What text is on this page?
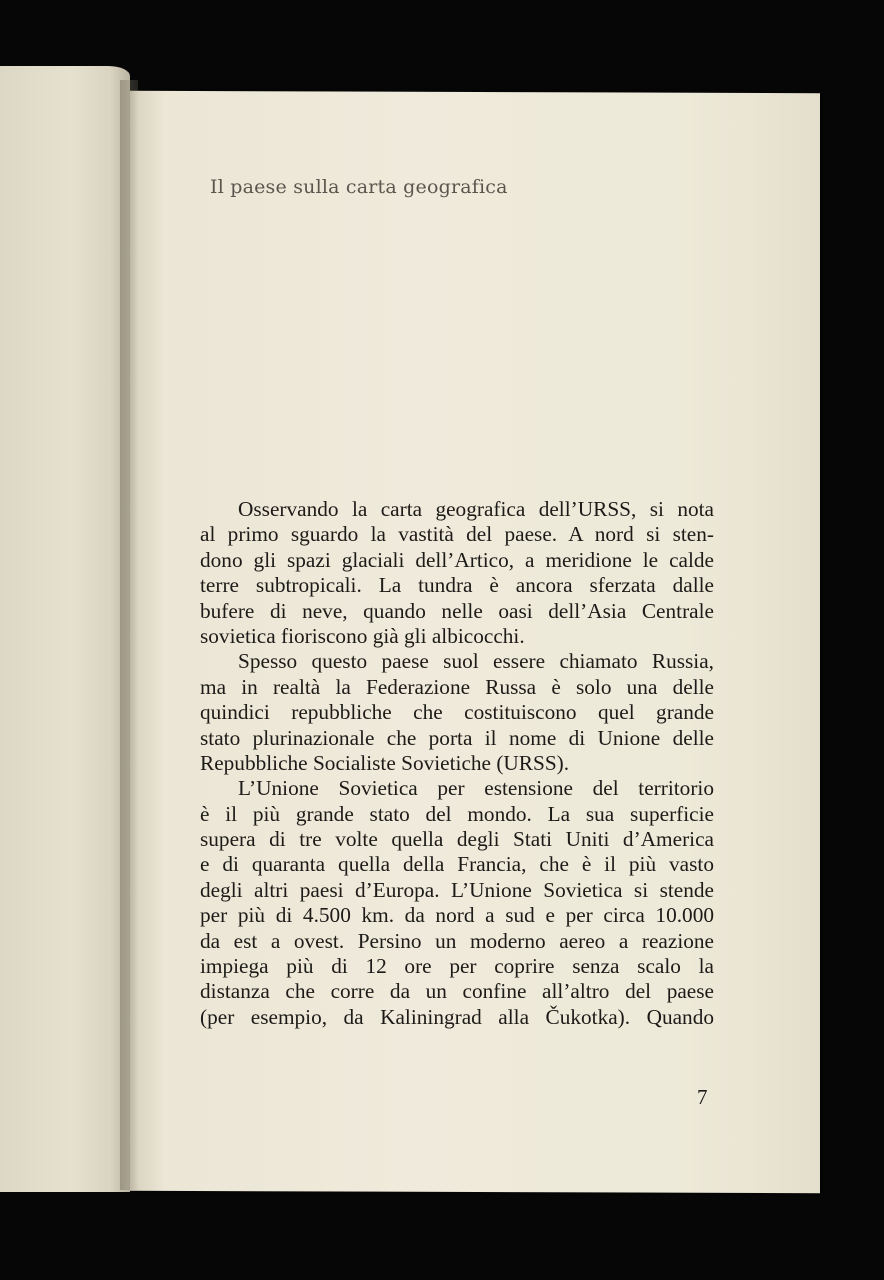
Il paese sulla carta geografica
Osservando la carta geografica dell’URSS, si nota
al primo sguardo la vastità del paese. A nord si sten-
dono gli spazi glaciali dell’Artico, a meridione le calde
terre subtropicali. La tundra è ancora sferzata dalle
bufere di neve, quando nelle oasi dell’Asia Centrale
sovietica fioriscono già gli albicocchi.
Spesso questo paese suol essere chiamato Russia,
ma in realtà la Federazione Russa è solo una delle
quindici repubbliche che costituiscono quel grande
stato plurinazionale che porta il nome di Unione delle
Repubbliche Socialiste Sovietiche (URSS).
L’Unione Sovietica per estensione del territorio
è il più grande stato del mondo. La sua superficie
supera di tre volte quella degli Stati Uniti d’America
e di quaranta quella della Francia, che è il più vasto
degli altri paesi d’Europa. L’Unione Sovietica si stende
per più di 4.500 km. da nord a sud e per circa 10.000
da est a ovest. Persino un moderno aereo a reazione
impiega più di 12 ore per coprire senza scalo la
distanza che corre da un confine all’altro del paese
(per esempio, da Kaliningrad alla Čukotka). Quando
7
